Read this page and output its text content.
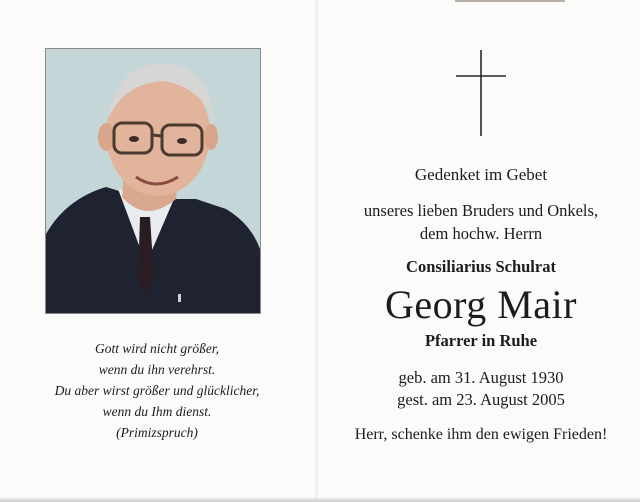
Gott wird nicht größer,
wenn du ihn verehrst.
Du aber wirst größer und glücklicher,
wenn du Ihm dienst.
(Primizspruch)
Gedenket im Gebet
unseres lieben Bruders und Onkels,
dem hochw. Herrn
Consiliarius Schulrat
Georg Mair
Pfarrer in Ruhe
geb. am 31. August 1930
gest. am 23. August 2005
Herr, schenke ihm den ewigen Frieden!
